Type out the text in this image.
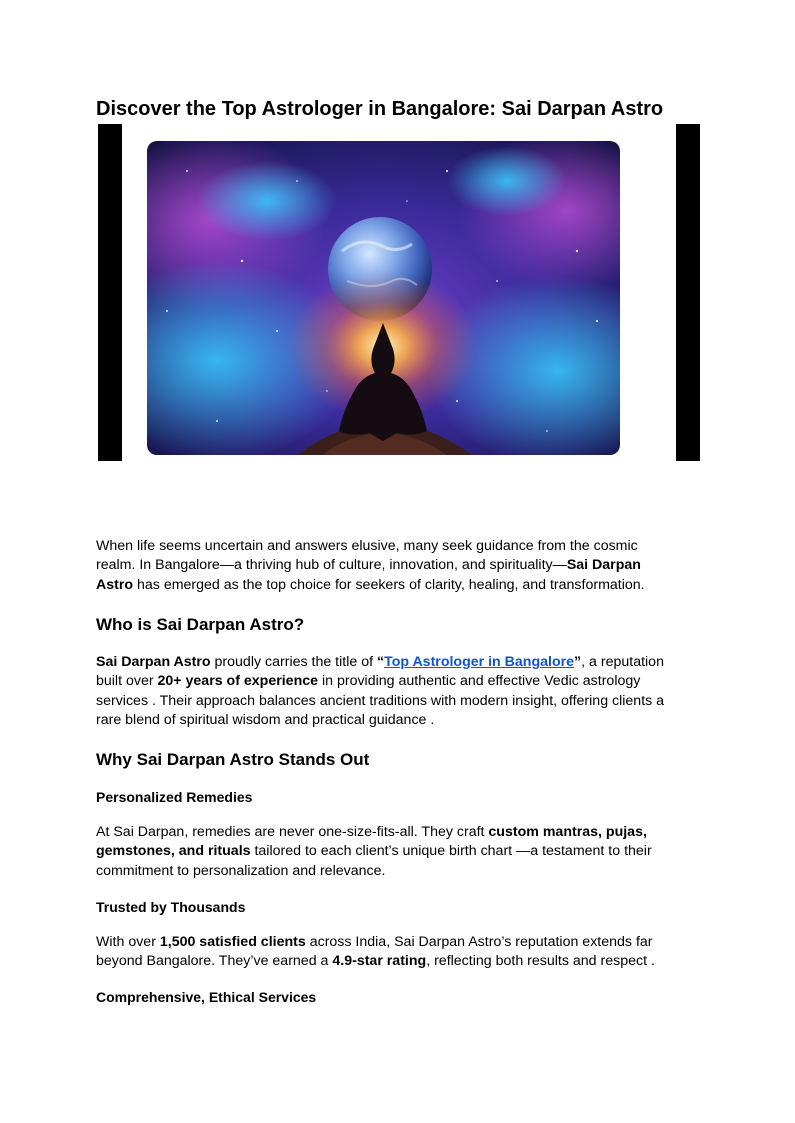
Discover the Top Astrologer in Bangalore: Sai Darpan Astro

When life seems uncertain and answers elusive, many seek guidance from the cosmic
realm. In Bangalore—a thriving hub of culture, innovation, and spirituality—Sai Darpan
Astro has emerged as the top choice for seekers of clarity, healing, and transformation.

Who is Sai Darpan Astro?

Sai Darpan Astro proudly carries the title of “Top Astrologer in Bangalore”, a reputation
built over 20+ years of experience in providing authentic and effective Vedic astrology
services . Their approach balances ancient traditions with modern insight, offering clients a
rare blend of spiritual wisdom and practical guidance .

Why Sai Darpan Astro Stands Out
Personalized Remedies

At Sai Darpan, remedies are never one-size-fits-all. They craft custom mantras, pujas,
gemstones, and rituals tailored to each client’s unique birth chart —a testament to their
commitment to personalization and relevance.

Trusted by Thousands

With over 1,500 satisfied clients across India, Sai Darpan Astro’s reputation extends far
beyond Bangalore. They’ve earned a 4.9-star rating, reflecting both results and respect .

Comprehensive, Ethical Services
